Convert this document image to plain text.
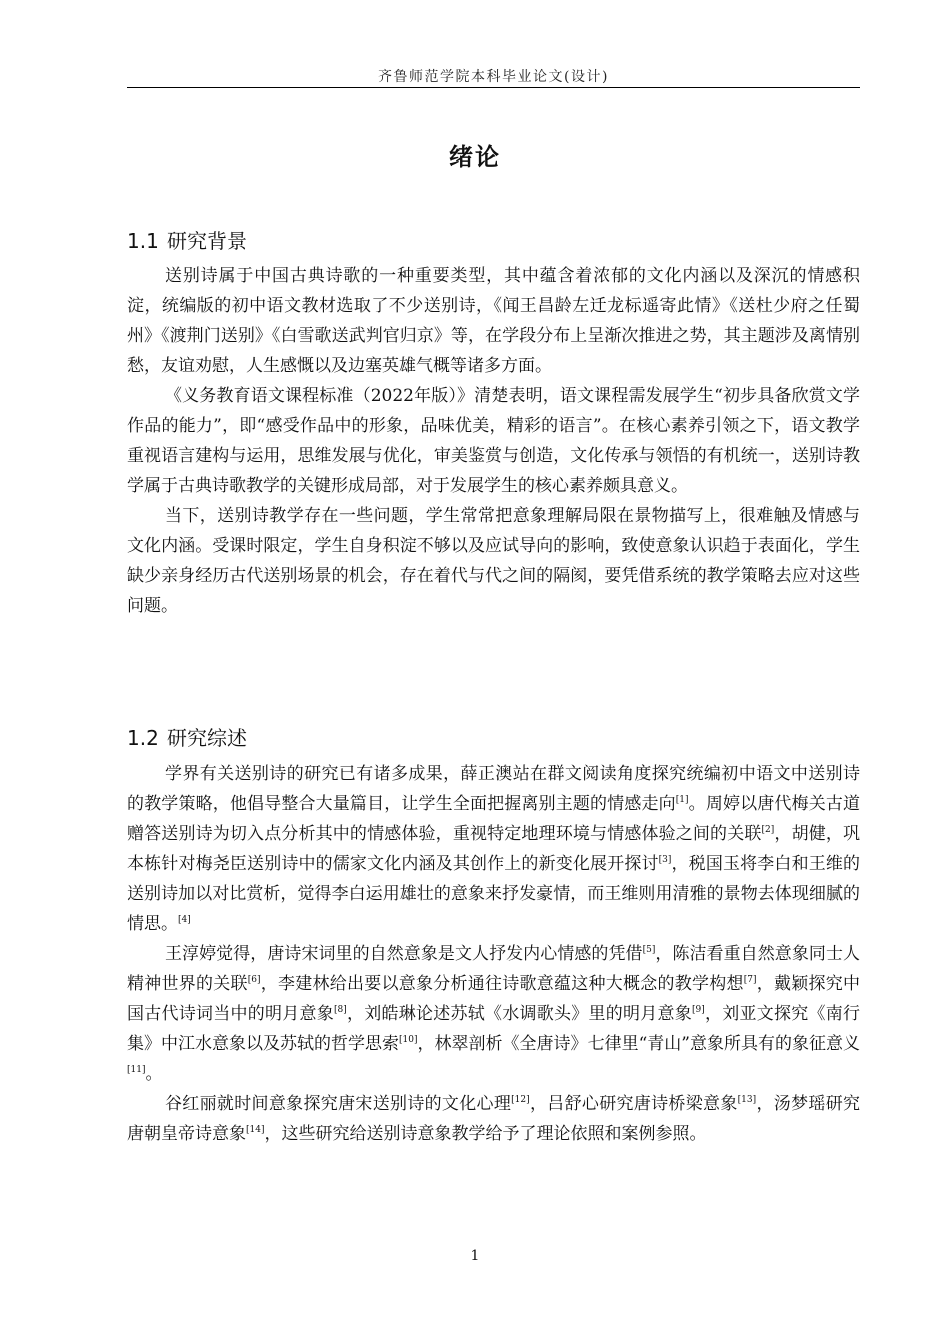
齐鲁师范学院本科毕业论文(设计)
绪论
1.1 研究背景

送别诗属于中国古典诗歌的一种重要类型，其中蕴含着浓郁的文化内涵以及深沉的情感积淀，统编版的初中语文教材选取了不少送别诗，《闻王昌龄左迁龙标遥寄此情》《送杜少府之任蜀州》《渡荆门送别》《白雪歌送武判官归京》等，在学段分布上呈渐次推进之势，其主题涉及离情别愁，友谊劝慰，人生感慨以及边塞英雄气概等诸多方面。

《义务教育语文课程标准（2022年版）》清楚表明，语文课程需发展学生“初步具备欣赏文学作品的能力”，即“感受作品中的形象，品味优美，精彩的语言”。在核心素养引领之下，语文教学重视语言建构与运用，思维发展与优化，审美鉴赏与创造，文化传承与领悟的有机统一，送别诗教学属于古典诗歌教学的关键形成局部，对于发展学生的核心素养颇具意义。

当下，送别诗教学存在一些问题，学生常常把意象理解局限在景物描写上，很难触及情感与文化内涵。受课时限定，学生自身积淀不够以及应试导向的影响，致使意象认识趋于表面化，学生缺少亲身经历古代送别场景的机会，存在着代与代之间的隔阂，要凭借系统的教学策略去应对这些问题。

1.2 研究综述

学界有关送别诗的研究已有诸多成果，薛正澳站在群文阅读角度探究统编初中语文中送别诗的教学策略，他倡导整合大量篇目，让学生全面把握离别主题的情感走向[1]。周婷以唐代梅关古道赠答送别诗为切入点分析其中的情感体验，重视特定地理环境与情感体验之间的关联[2]，胡健，巩本栋针对梅尧臣送别诗中的儒家文化内涵及其创作上的新变化展开探讨[3]，税国玉将李白和王维的送别诗加以对比赏析，觉得李白运用雄壮的意象来抒发豪情，而王维则用清雅的景物去体现细腻的情思。[4]

王淳婷觉得，唐诗宋词里的自然意象是文人抒发内心情感的凭借[5]，陈洁看重自然意象同士人精神世界的关联[6]，李建林给出要以意象分析通往诗歌意蕴这种大概念的教学构想[7]，戴颖探究中国古代诗词当中的明月意象[8]，刘皓琳论述苏轼《水调歌头》里的明月意象[9]，刘亚文探究《南行集》中江水意象以及苏轼的哲学思索[10]，林翠剖析《全唐诗》七律里“青山”意象所具有的象征意义[11]。

谷红丽就时间意象探究唐宋送别诗的文化心理[12]，吕舒心研究唐诗桥梁意象[13]，汤梦瑶研究唐朝皇帝诗意象[14]，这些研究给送别诗意象教学给予了理论依照和案例参照。

1
